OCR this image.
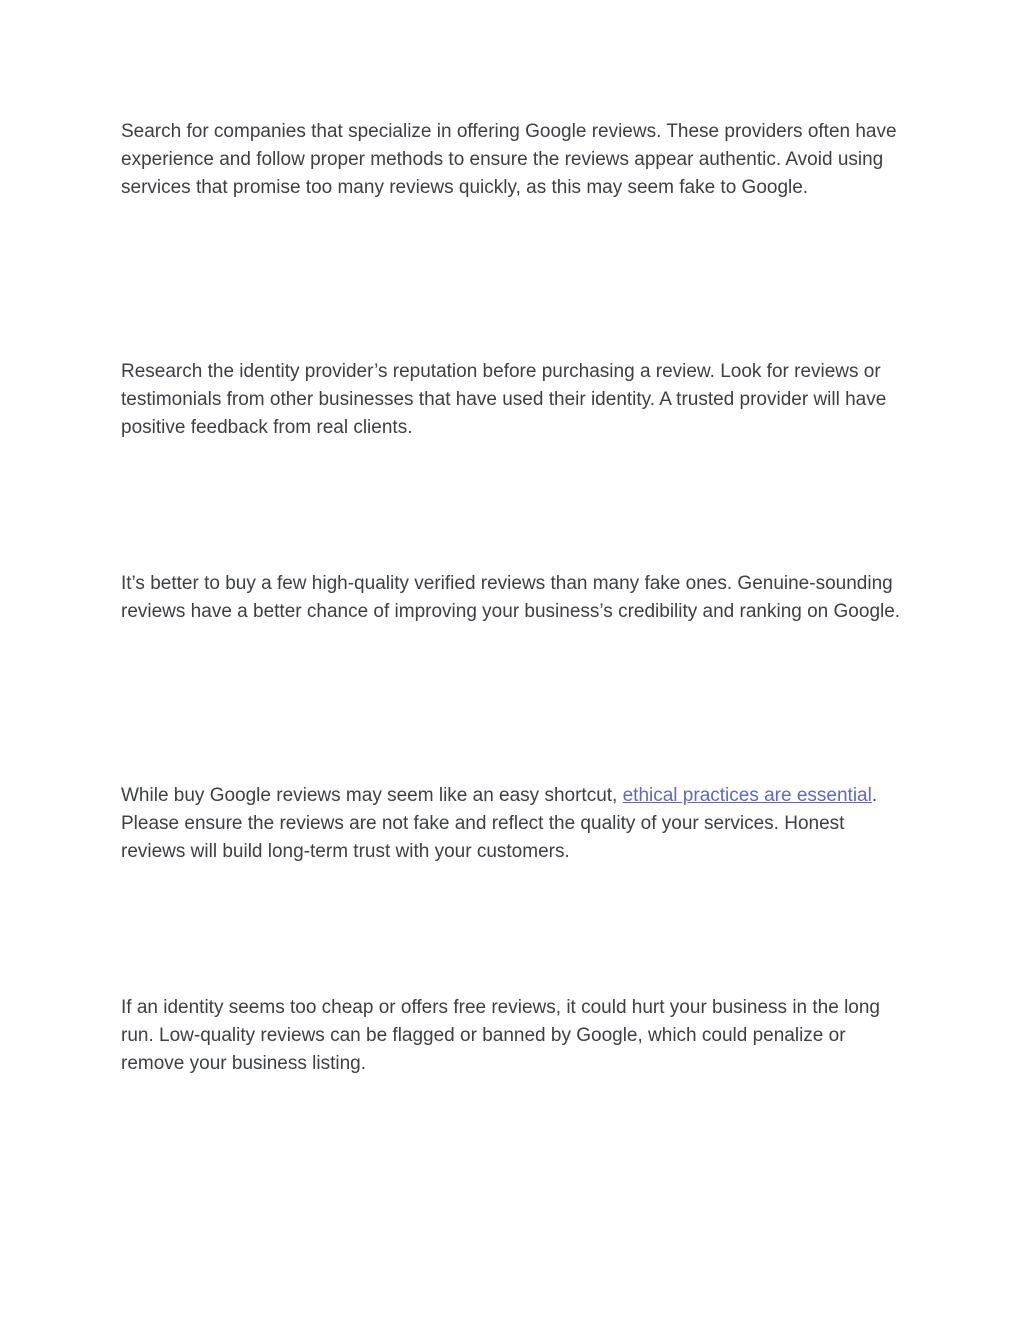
Search for companies that specialize in offering Google reviews. These providers often have experience and follow proper methods to ensure the reviews appear authentic. Avoid using services that promise too many reviews quickly, as this may seem fake to Google.

Research the identity provider’s reputation before purchasing a review. Look for reviews or testimonials from other businesses that have used their identity. A trusted provider will have positive feedback from real clients.

It’s better to buy a few high-quality verified reviews than many fake ones. Genuine-sounding reviews have a better chance of improving your business’s credibility and ranking on Google.

While buy Google reviews may seem like an easy shortcut, ethical practices are essential. Please ensure the reviews are not fake and reflect the quality of your services. Honest reviews will build long-term trust with your customers.

If an identity seems too cheap or offers free reviews, it could hurt your business in the long run. Low-quality reviews can be flagged or banned by Google, which could penalize or remove your business listing.
